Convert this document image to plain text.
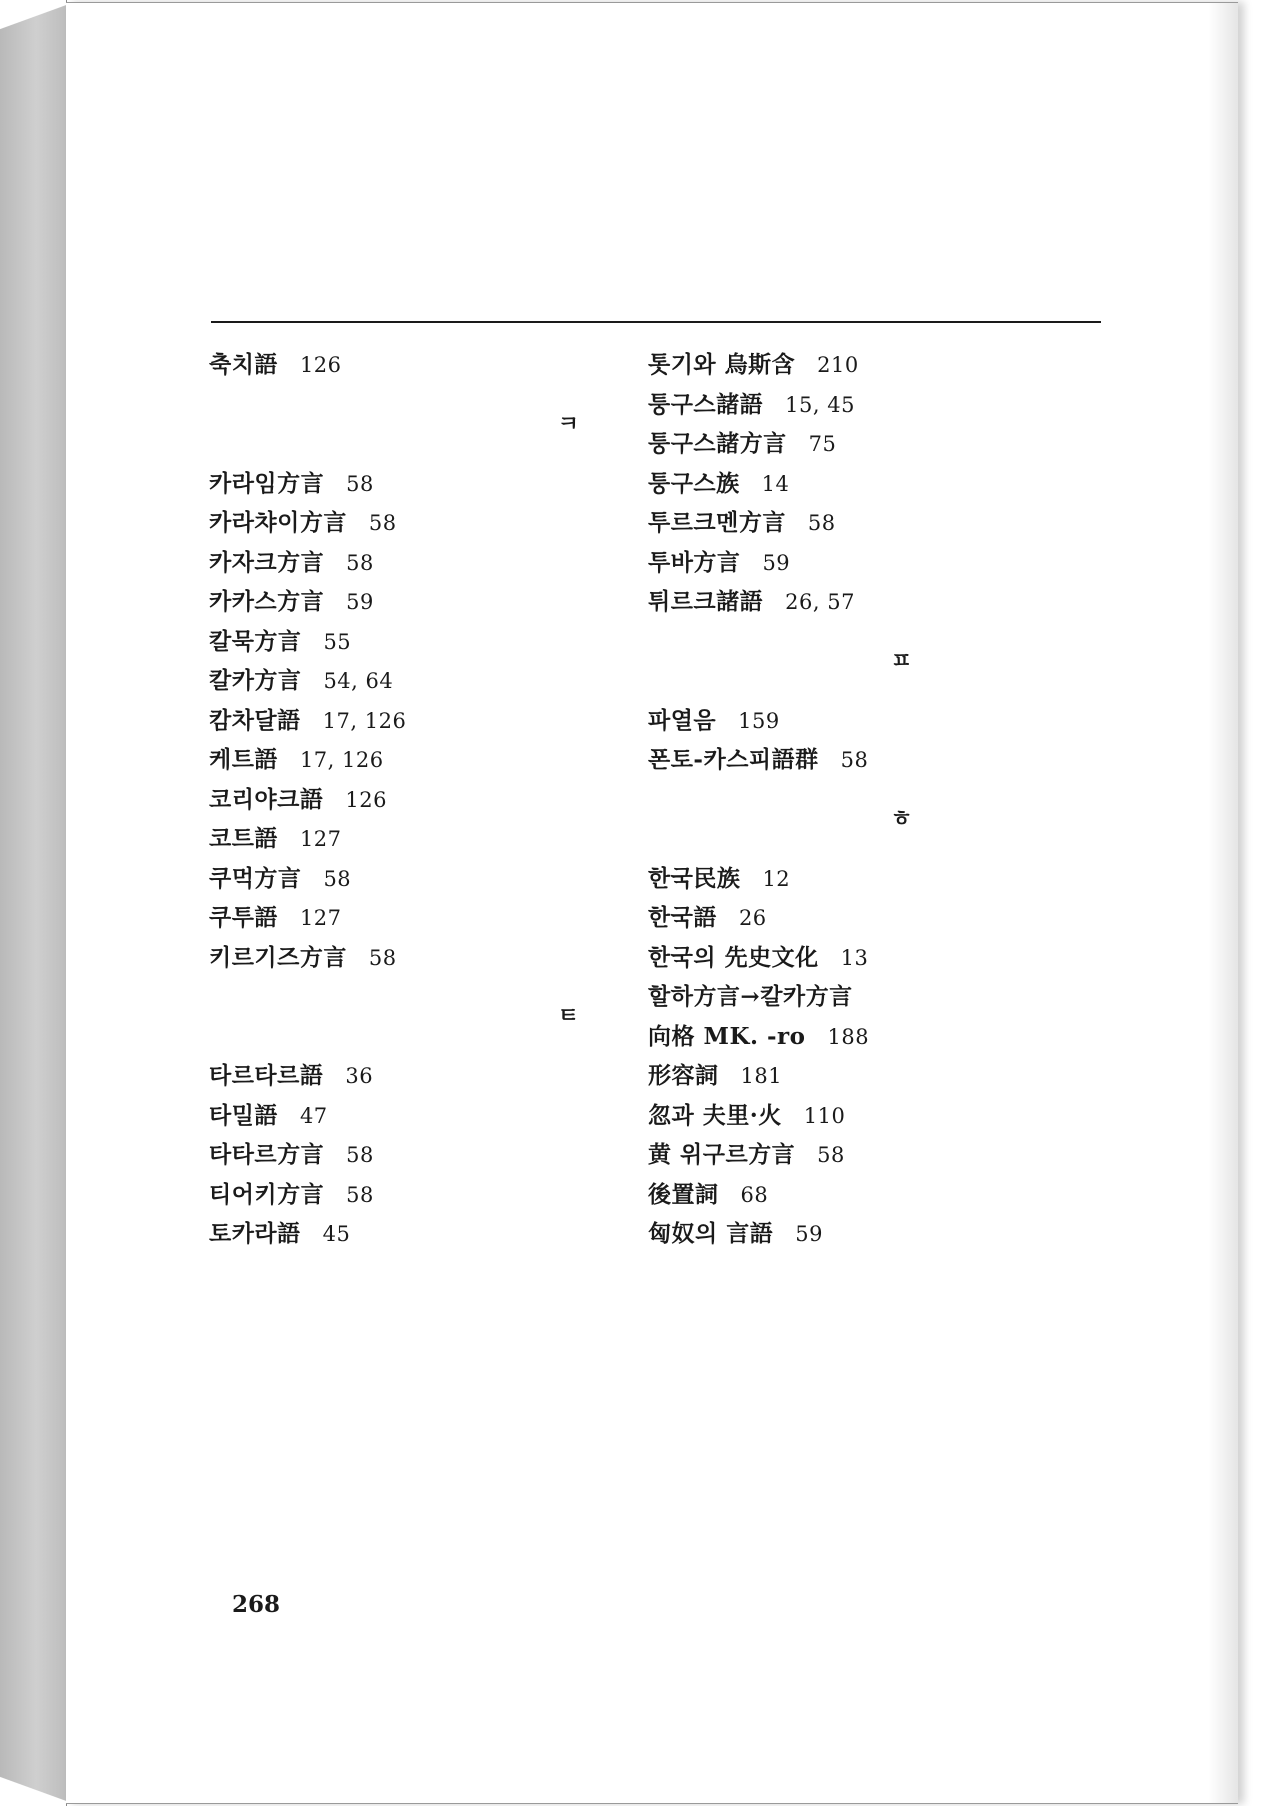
축치語 126
ㅋ
카라임方言 58
카라챠이方言 58
카자크方言 58
카카스方言 59
칼묵方言 55
칼카方言 54, 64
캄차달語 17, 126
케트語 17, 126
코리야크語 126
코트語 127
쿠먹方言 58
쿠투語 127
키르기즈方言 58
ㅌ
타르타르語 36
타밀語 47
타타르方言 58
티어키方言 58
토카라語 45
톳기와 烏斯含 210
퉁구스諸語 15, 45
퉁구스諸方言 75
퉁구스族 14
투르크멘方言 58
투바方言 59
튀르크諸語 26, 57
ㅍ
파열음 159
폰토-카스피語群 58
ㅎ
한국民族 12
한국語 26
한국의 先史文化 13
할하方言→칼카方言
向格 MK. -ro 188
形容詞 181
忽과 夫里·火 110
黄 위구르方言 58
後置詞 68
匈奴의 言語 59
268
